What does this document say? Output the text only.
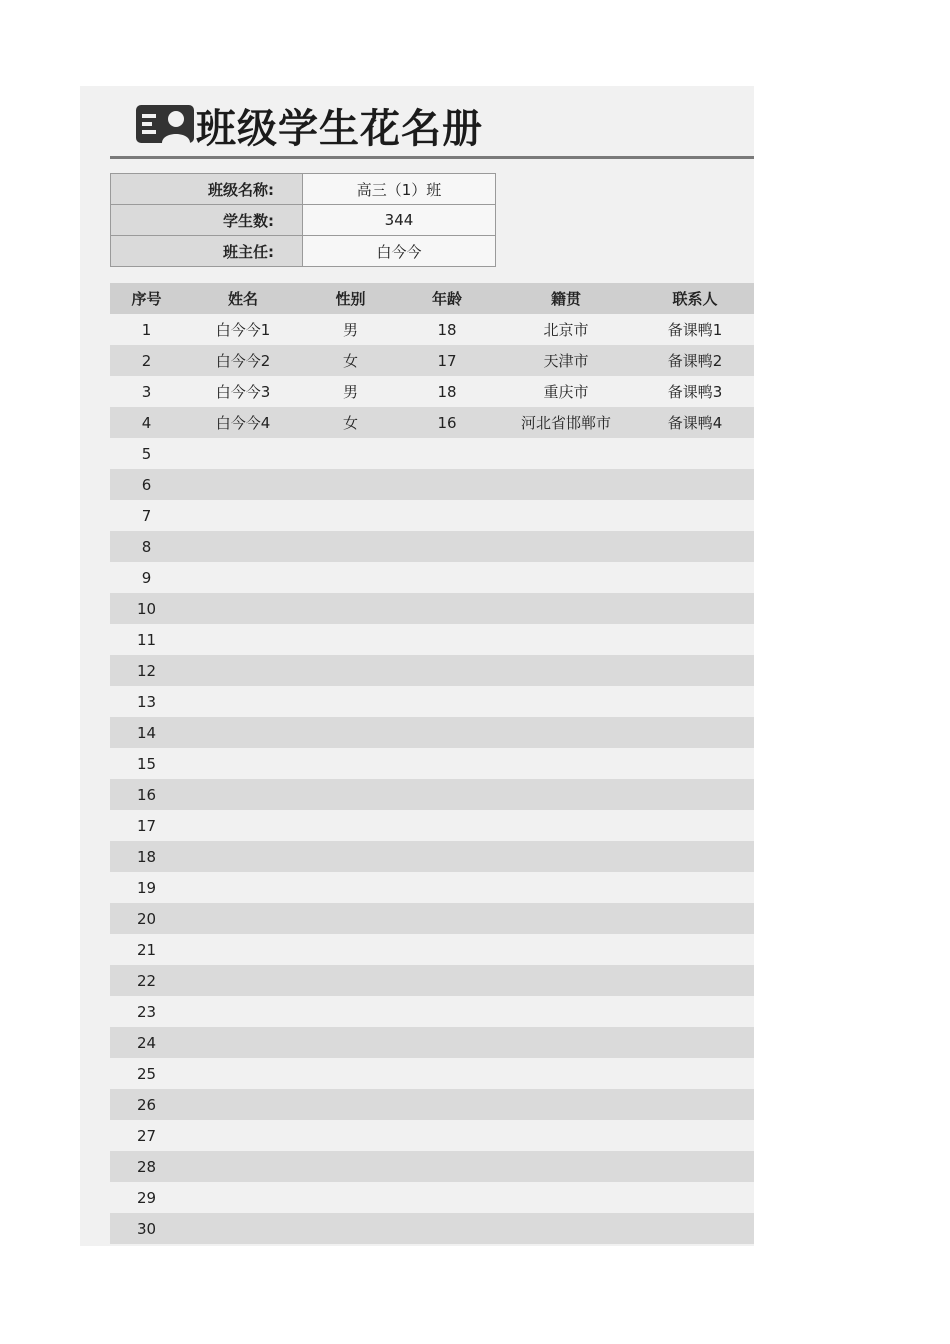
班级学生花名册
班级名称:	高三（1）班
学生数:	344
班主任:	白今今
序号	姓名	性别	年龄	籍贯	联系人
1	白今今1	男	18	北京市	备课鸭1
2	白今今2	女	17	天津市	备课鸭2
3	白今今3	男	18	重庆市	备课鸭3
4	白今今4	女	16	河北省邯郸市	备课鸭4
5
6
7
8
9
10
11
12
13
14
15
16
17
18
19
20
21
22
23
24
25
26
27
28
29
30
